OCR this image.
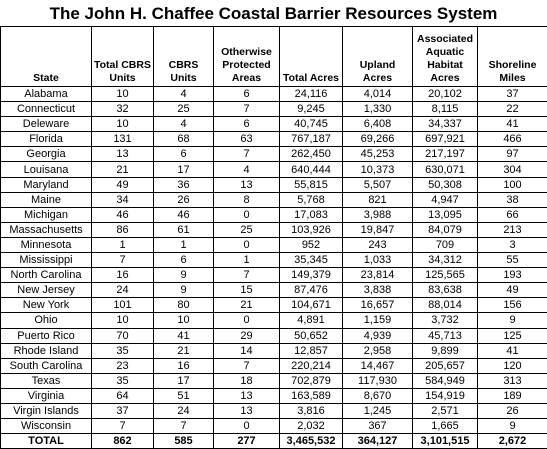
The John H. Chaffee Coastal Barrier Resources System
State	Total CBRS Units	CBRS Units	Otherwise Protected Areas	Total Acres	Upland Acres	Associated Aquatic Habitat Acres	Shoreline Miles
Alabama	10	4	6	24,116	4,014	20,102	37
Connecticut	32	25	7	9,245	1,330	8,115	22
Deleware	10	4	6	40,745	6,408	34,337	41
Florida	131	68	63	767,187	69,266	697,921	466
Georgia	13	6	7	262,450	45,253	217,197	97
Louisana	21	17	4	640,444	10,373	630,071	304
Maryland	49	36	13	55,815	5,507	50,308	100
Maine	34	26	8	5,768	821	4,947	38
Michigan	46	46	0	17,083	3,988	13,095	66
Massachusetts	86	61	25	103,926	19,847	84,079	213
Minnesota	1	1	0	952	243	709	3
Mississippi	7	6	1	35,345	1,033	34,312	55
North Carolina	16	9	7	149,379	23,814	125,565	193
New Jersey	24	9	15	87,476	3,838	83,638	49
New York	101	80	21	104,671	16,657	88,014	156
Ohio	10	10	0	4,891	1,159	3,732	9
Puerto Rico	70	41	29	50,652	4,939	45,713	125
Rhode Island	35	21	14	12,857	2,958	9,899	41
South Carolina	23	16	7	220,214	14,467	205,657	120
Texas	35	17	18	702,879	117,930	584,949	313
Virginia	64	51	13	163,589	8,670	154,919	189
Virgin Islands	37	24	13	3,816	1,245	2,571	26
Wisconsin	7	7	0	2,032	367	1,665	9
TOTAL	862	585	277	3,465,532	364,127	3,101,515	2,672
